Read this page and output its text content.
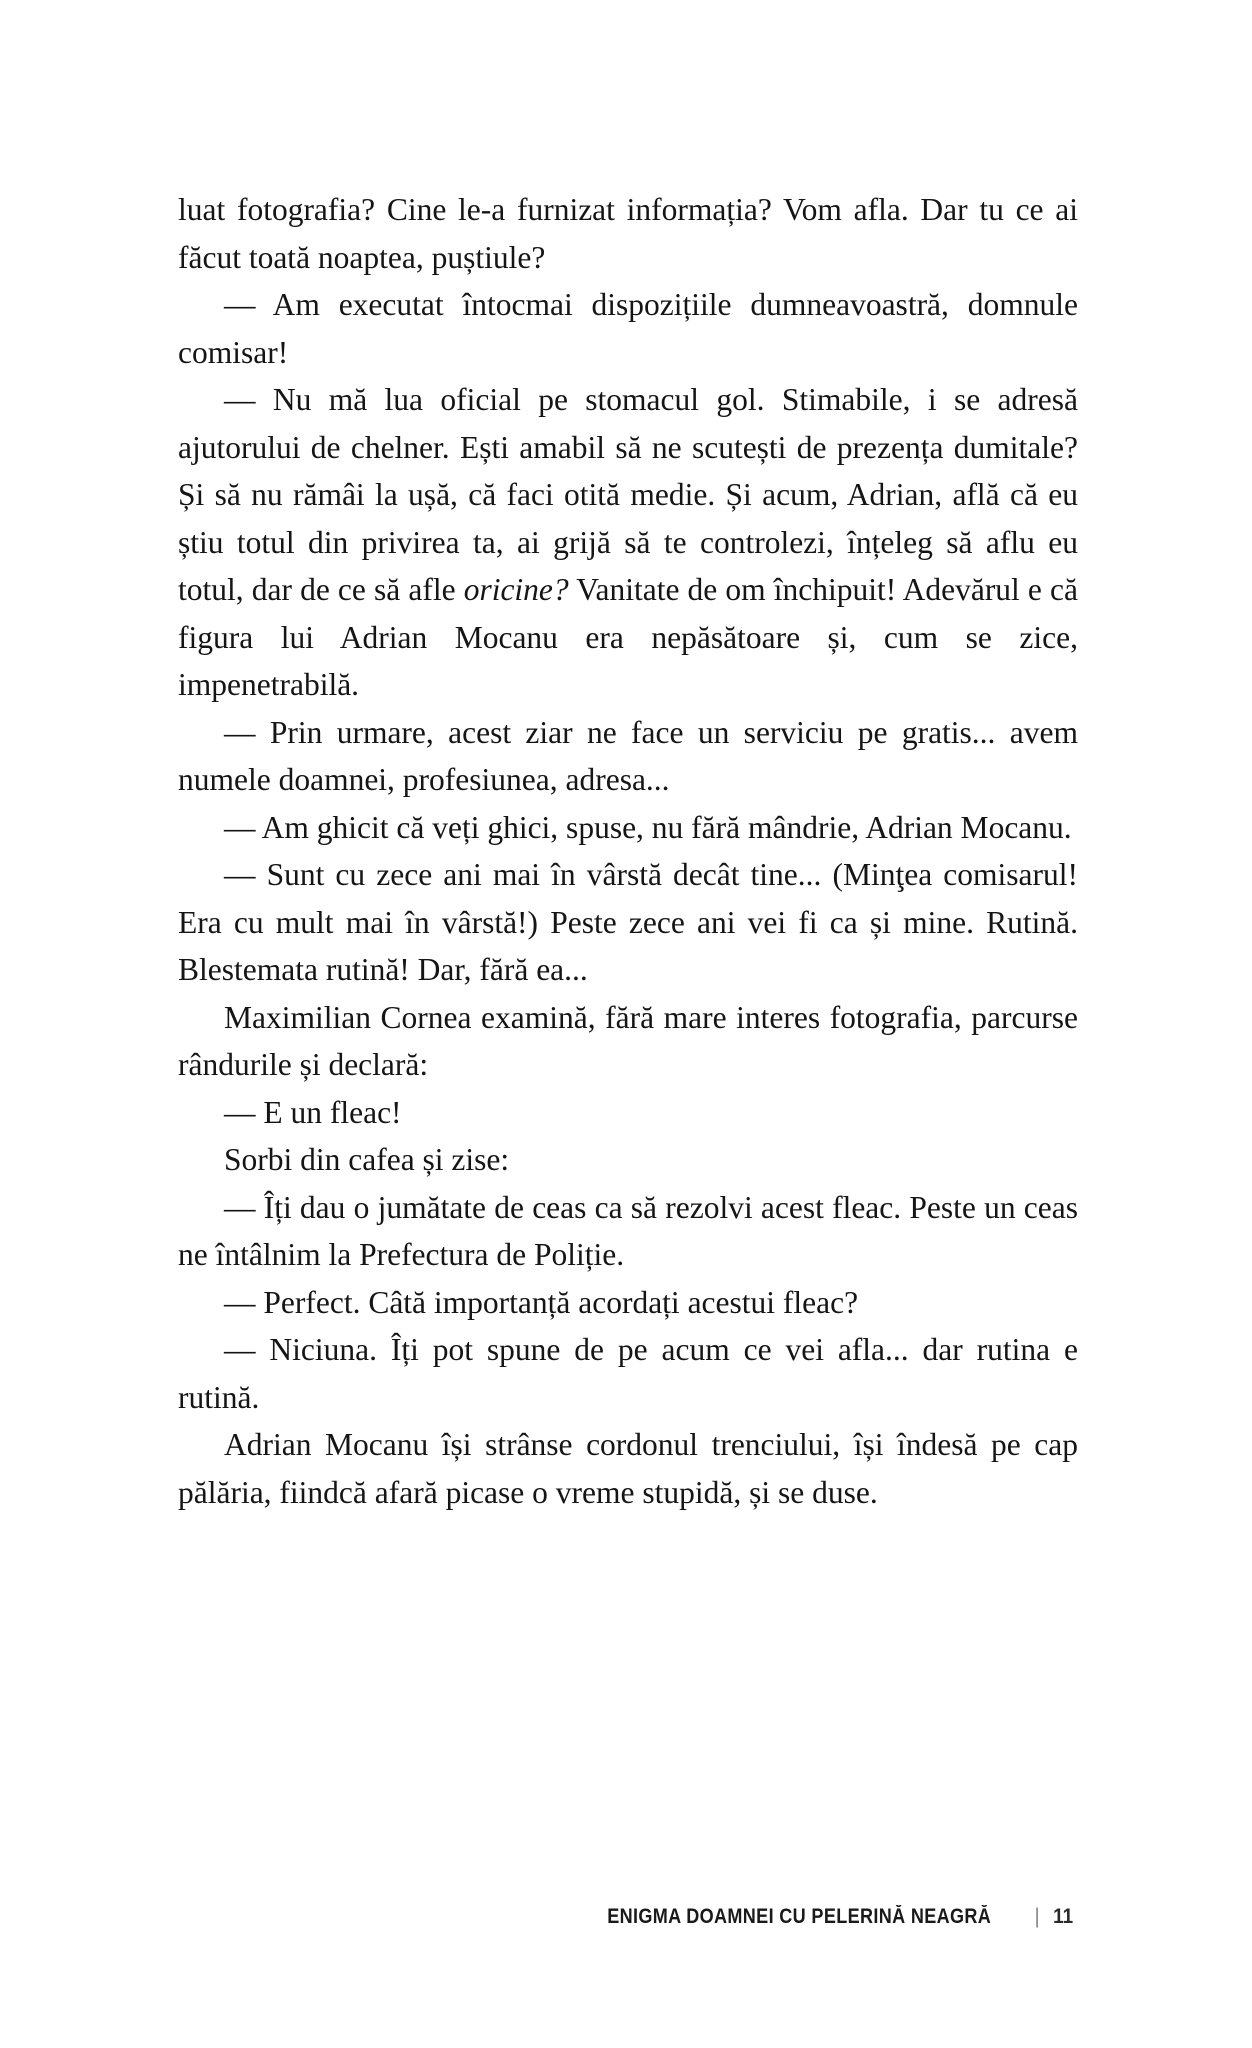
luat fotografia? Cine le-a furnizat informația? Vom afla. Dar tu ce ai făcut toată noaptea, puștiule?

— Am executat întocmai dispozițiile dumneavoastră, domnule comisar!

— Nu mă lua oficial pe stomacul gol. Stimabile, i se adresă ajutorului de chelner. Ești amabil să ne scutești de prezența dumitale? Și să nu rămâi la ușă, că faci otită medie. Și acum, Adrian, află că eu știu totul din privirea ta, ai grijă să te controlezi, înțeleg să aflu eu totul, dar de ce să afle oricine? Vanitate de om închipuit! Adevărul e că figura lui Adrian Mocanu era nepăsătoare și, cum se zice, impenetrabilă.

— Prin urmare, acest ziar ne face un serviciu pe gratis... avem numele doamnei, profesiunea, adresa...

— Am ghicit că veți ghici, spuse, nu fără mândrie, Adrian Mocanu.

— Sunt cu zece ani mai în vârstă decât tine... (Minţea comisarul! Era cu mult mai în vârstă!) Peste zece ani vei fi ca și mine. Rutină. Blestemata rutină! Dar, fără ea...

Maximilian Cornea examină, fără mare interes fotografia, parcurse rândurile și declară:

— E un fleac!

Sorbi din cafea și zise:

— Îți dau o jumătate de ceas ca să rezolvi acest fleac. Peste un ceas ne întâlnim la Prefectura de Poliție.

— Perfect. Câtă importanță acordați acestui fleac?

— Niciuna. Îți pot spune de pe acum ce vei afla... dar rutina e rutină.

Adrian Mocanu își strânse cordonul trenciului, își îndesă pe cap pălăria, fiindcă afară picase o vreme stupidă, și se duse.

ENIGMA DOAMNEI CU PELERINĂ NEAGRĂ | 11
